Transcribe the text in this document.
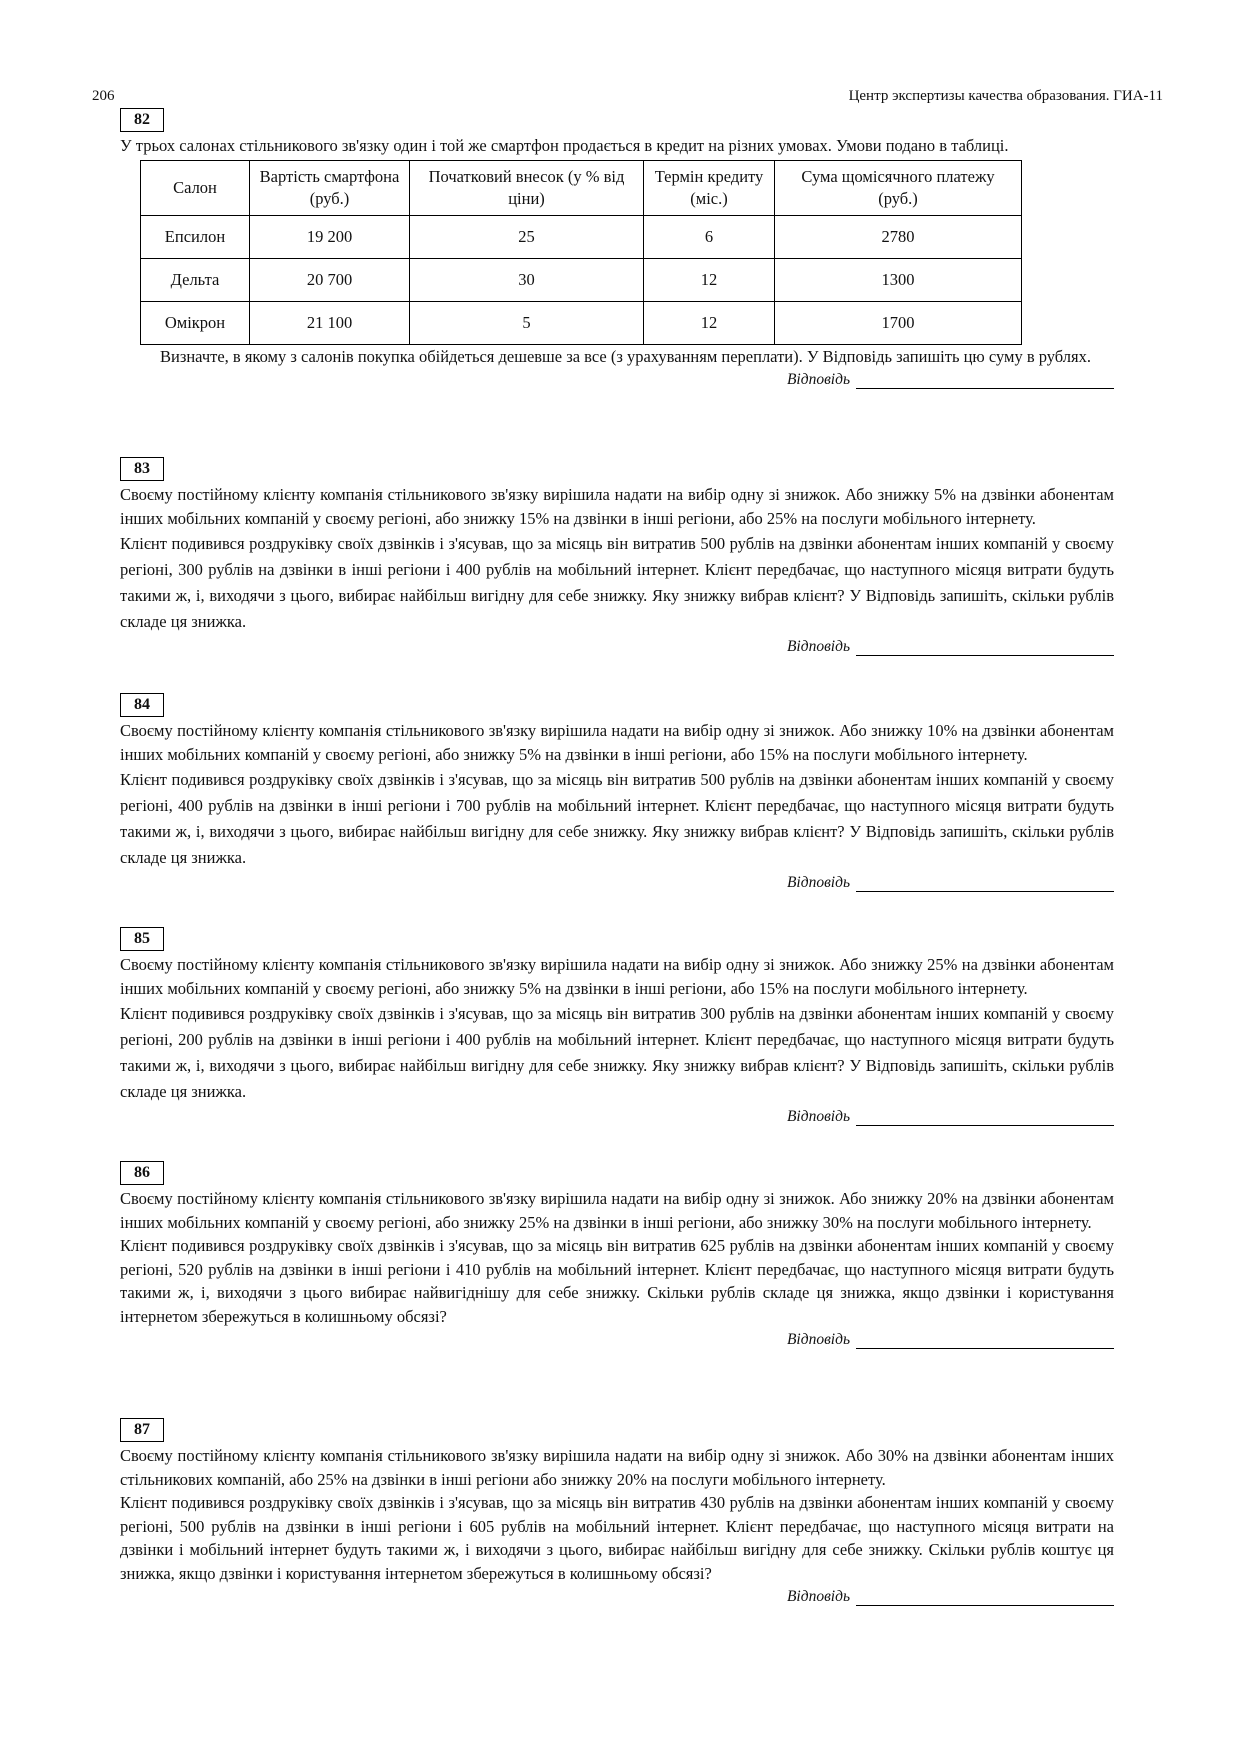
206	Центр экспертизы качества образования. ГИА-11
82

У трьох салонах стільникового зв'язку один і той же смартфон продається в кредит на різних умовах. Умови подано в таблиці.

Салон	Вартість смартфона (руб.)	Початковий внесок (у % від ціни)	Термін кредиту (міс.)	Сума щомісячного платежу (руб.)
Епсилон	19 200	25	6	2780
Дельта	20 700	30	12	1300
Омікрон	21 100	5	12	1700

Визначте, в якому з салонів покупка обійдеться дешевше за все (з урахуванням переплати). У Відповідь запишіть цю суму в рублях.

Відповідь
83

Своєму постійному клієнту компанія стільникового зв'язку вирішила надати на вибір одну зі знижок. Або знижку 5% на дзвінки абонентам інших мобільних компаній у своєму регіоні, або знижку 15% на дзвінки в інші регіони, або 25% на послуги мобільного інтернету.

Клієнт подивився роздруківку своїх дзвінків і з'ясував, що за місяць він витратив 500 рублів на дзвінки абонентам інших компаній у своєму регіоні, 300 рублів на дзвінки в інші регіони і 400 рублів на мобільний інтернет. Клієнт передбачає, що наступного місяця витрати будуть такими ж, і, виходячи з цього, вибирає найбільш вигідну для себе знижку. Яку знижку вибрав клієнт? У Відповідь запишіть, скільки рублів складе ця знижка.

Відповідь
84

Своєму постійному клієнту компанія стільникового зв'язку вирішила надати на вибір одну зі знижок. Або знижку 10% на дзвінки абонентам інших мобільних компаній у своєму регіоні, або знижку 5% на дзвінки в інші регіони, або 15% на послуги мобільного інтернету.

Клієнт подивився роздруківку своїх дзвінків і з'ясував, що за місяць він витратив 500 рублів на дзвінки абонентам інших компаній у своєму регіоні, 400 рублів на дзвінки в інші регіони і 700 рублів на мобільний інтернет. Клієнт передбачає, що наступного місяця витрати будуть такими ж, і, виходячи з цього, вибирає найбільш вигідну для себе знижку. Яку знижку вибрав клієнт? У Відповідь запишіть, скільки рублів складе ця знижка.

Відповідь
85

Своєму постійному клієнту компанія стільникового зв'язку вирішила надати на вибір одну зі знижок. Або знижку 25% на дзвінки абонентам інших мобільних компаній у своєму регіоні, або знижку 5% на дзвінки в інші регіони, або 15% на послуги мобільного інтернету.

Клієнт подивився роздруківку своїх дзвінків і з'ясував, що за місяць він витратив 300 рублів на дзвінки абонентам інших компаній у своєму регіоні, 200 рублів на дзвінки в інші регіони і 400 рублів на мобільний інтернет. Клієнт передбачає, що наступного місяця витрати будуть такими ж, і, виходячи з цього, вибирає найбільш вигідну для себе знижку. Яку знижку вибрав клієнт? У Відповідь запишіть, скільки рублів складе ця знижка.

Відповідь
86

Своєму постійному клієнту компанія стільникового зв'язку вирішила надати на вибір одну зі знижок. Або знижку 20% на дзвінки абонентам інших мобільних компаній у своєму регіоні, або знижку 25% на дзвінки в інші регіони, або знижку 30% на послуги мобільного інтернету.

Клієнт подивився роздруківку своїх дзвінків і з'ясував, що за місяць він витратив 625 рублів на дзвінки абонентам інших компаній у своєму регіоні, 520 рублів на дзвінки в інші регіони і 410 рублів на мобільний інтернет. Клієнт передбачає, що наступного місяця витрати будуть такими ж, і, виходячи з цього вибирає найвигіднішу для себе знижку. Скільки рублів складе ця знижка, якщо дзвінки і користування інтернетом збережуться в колишньому обсязі?

Відповідь
87

Своєму постійному клієнту компанія стільникового зв'язку вирішила надати на вибір одну зі знижок. Або 30% на дзвінки абонентам інших стільникових компаній, або 25% на дзвінки в інші регіони або знижку 20% на послуги мобільного інтернету.

Клієнт подивився роздруківку своїх дзвінків і з'ясував, що за місяць він витратив 430 рублів на дзвінки абонентам інших компаній у своєму регіоні, 500 рублів на дзвінки в інші регіони і 605 рублів на мобільний інтернет. Клієнт передбачає, що наступного місяця витрати на дзвінки і мобільний інтернет будуть такими ж, і виходячи з цього, вибирає найбільш вигідну для себе знижку. Скільки рублів коштує ця знижка, якщо дзвінки і користування інтернетом збережуться в колишньому обсязі?

Відповідь
